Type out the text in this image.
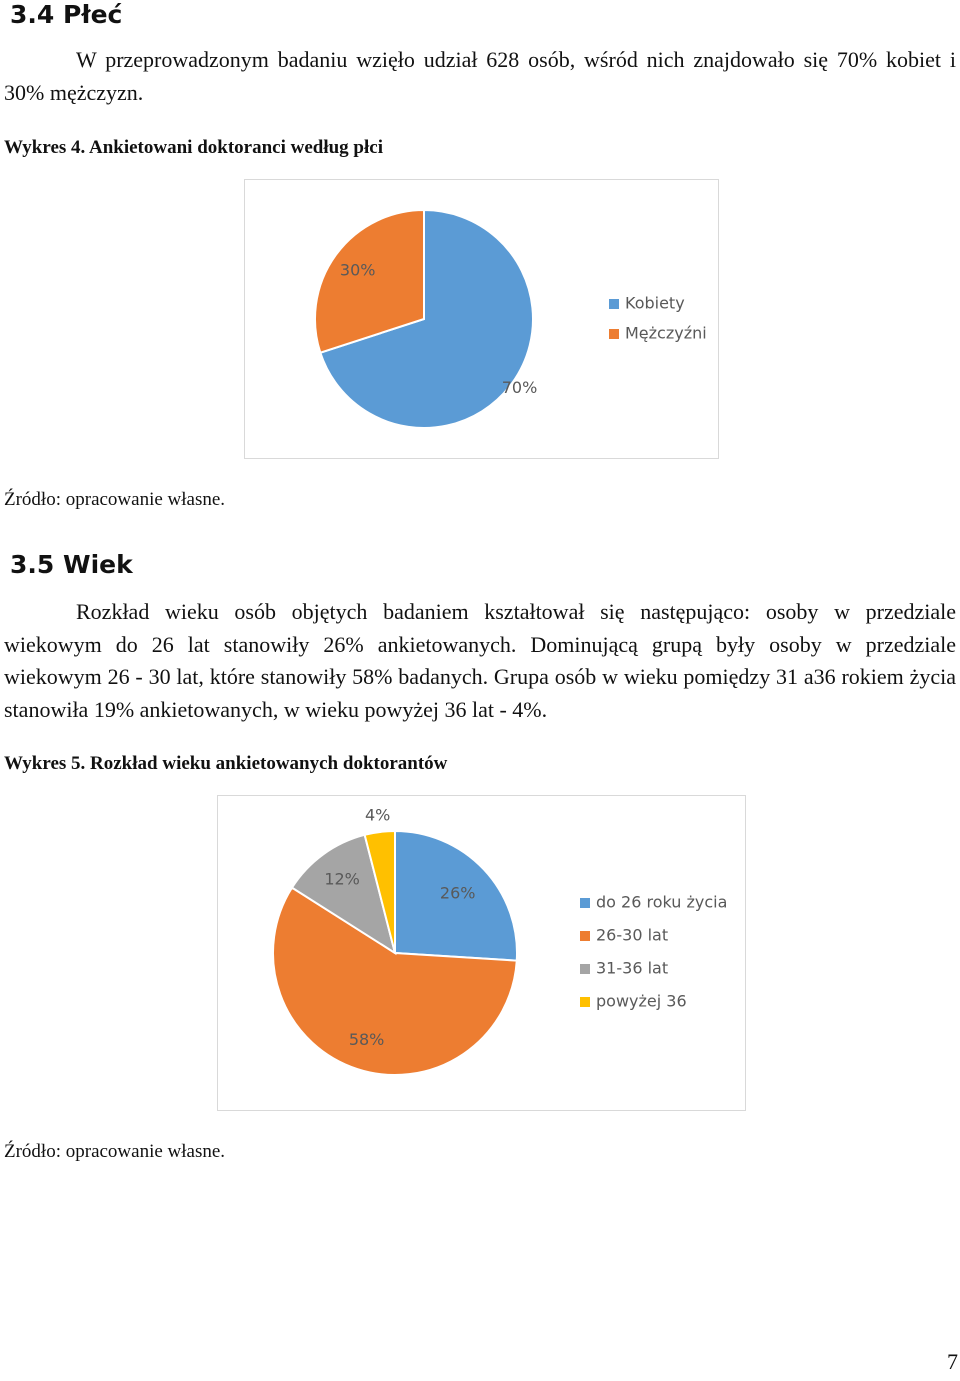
3.4 Płeć

W przeprowadzonym badaniu wzięło udział 628 osób, wśród nich znajdowało się 70% kobiet i 30% mężczyzn.

Wykres 4. Ankietowani doktoranci według płci

70%
30%
Kobiety
Mężczyźni

Źródło: opracowanie własne.

3.5 Wiek

Rozkład wieku osób objętych badaniem kształtował się następująco: osoby w przedziale wiekowym do 26 lat stanowiły 26% ankietowanych. Dominującą grupą były osoby w przedziale wiekowym 26 - 30 lat, które stanowiły 58% badanych. Grupa osób w wieku pomiędzy 31 a36 rokiem życia stanowiła 19% ankietowanych, w wieku powyżej 36 lat - 4%.

Wykres 5. Rozkład wieku ankietowanych doktorantów

26%
58%
12%
4%
do 26 roku życia
26-30 lat
31-36 lat
powyżej 36

Źródło: opracowanie własne.

7
